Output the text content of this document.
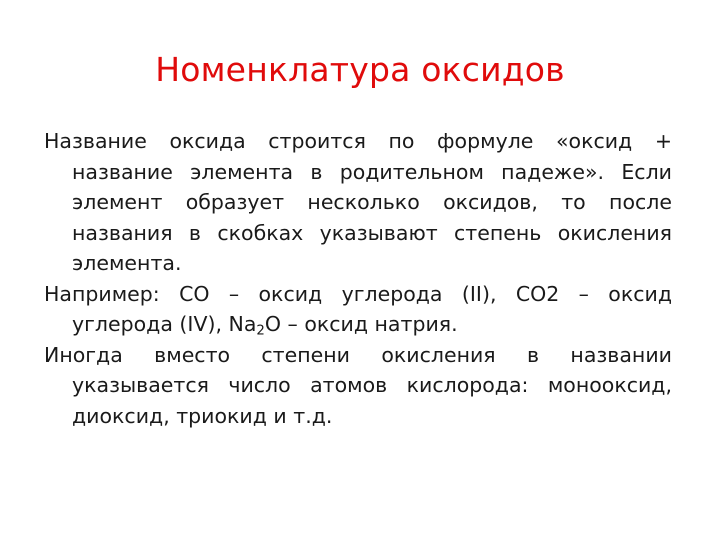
Номенклатура оксидов

Название оксида строится по формуле «оксид + название элемента в родительном падеже». Если элемент образует несколько оксидов, то после названия в скобках указывают степень окисления элемента.

Например: CO – оксид углерода (II), CO2 – оксид углерода (IV), $Na_2O$ – оксид натрия.

Иногда вместо степени окисления в названии указывается число атомов кислорода: монооксид, диоксид, триокид и т.д.
